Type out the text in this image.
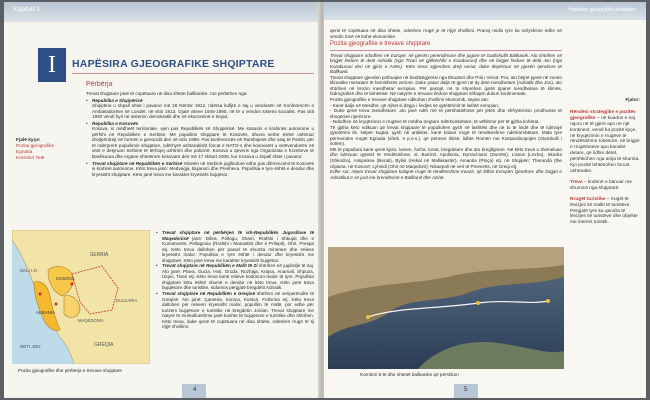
Kapitulli 1
I	HAPËSIRA GJEOGRAFIKE SHQIPTARE
Përbërja
Fjalë kyçe:
Pozita gjeografike
Egnatia
Korridori Tetë

Trevat shqiptare janë të copëtuara në disa shtete ballkanike. Ato përbëhen nga:

• Republika e Shqipërisë
Shqipëria u shpall shtet i pavarur më 28 Nëntor 1912, ndërsa kufijtë e saj u vendosën në Konferencën e Ambasadorëve në Londër, në vitin 1913. Gjatë viteve 1945-1990, në të u vendos sistemi socialist. Pas vitit 1990 vendi hyri në sistemin demokratik dhe në ekonominë e tregut.

• Republika e Kosovës
Kosova, si mëdheët territoriale, vjen pas Republikës së Shqipërisë. Me statusin e krahinës autonome u përfshi në Republikën e Serbisë. Më popullimi shqiptare të Kosovës, dhuna serbe është ushtruar drejtpërdrejt në formën e genocidit deri në vitin 1999. Pas konferencës në Rambujesë dhe asaj të Parisit, për të ndërprerë popullimin shqiptare, ndërhyrë ushtarakisht forcat e NATO-s dhe kosovarët u vetëvendosën në vitet e detyruan Serbinë të tërhiqej ushtrimi dhe policinë. Kosova u qeveris nga Organizata e Kombeve të Bashkuara dhe organe shtetërore kosovare deri më 17 shkurt 2008, kur Kosova u shpall shtet i pavarur.

• Trevat shqiptare në Republikën e Serbisë mbetën në Serbinë jugllindore edhe pas diferencimit të Kosovës si krahinë autonome. Këto treva janë: Medvegja, Bujanoci dhe Presheva. Popullsia e tyre është e dendur dhe kryesisht shqiptare. Këto janë treva me karakter kryesisht bujqësor.

SERBIA
KOSOVA
ALBANIA
GREQIA
DETI JON
MAQEDONIA
MALI I ZI
BULGARIA
Pozita gjeografike dhe përbërja e trevave shqiptare

• Trevat shqiptare në përbërjen të ish-Republikës Jugosllave të Maqedonisë janë: Dibra, Pollogu, Sharri, Rrafshi i Shkupit dhe e Kumanovës, Pellagonia (Rrafshi i Manastirit dhe e Prilepit), Ohri, Prespa etj. Këto treva dallohen për pasuri të shumta minerare dhe relieve kryesisht malor. Popullsia e tyre është i dendur dhe kryesisht me shqiptarë. Këto janë treva me karakter kryesisht bujqësor.

• Trevat shqiptare në Republikën e Malit të Zi shtrihen në juglindje të saj. Ato janë: Plava, Gucia, Hoti, Gruda, Rozhaja, Krajsa, Anamali, Shpuza, Ulqini, Tivari etj. Këto treva kanë relieve kodrinoro-malor të tyre. Popullsia shqiptare këtu është shumë e dendur në këto treva. Këto janë treva bujqësore dhe turistike, sidomos përgjatë bregdetit Adriatik.

• Trevat shqiptare në Republikën e Greqisë shtrihen në veriperëndim të Greqisë. Ato janë: Çamëria, Konica, Kosturi, Follorina etj. Këto treva dallohen për relievin kryesisht malor, popullim të rrallë, por edhe për turizëm bujqësore e turistike në bregdetin Jonian. Trevat shqiptare me natyrë të mrekullueshme janë kushte të bujqësore e turistike dhe shtrihen. Këto treva, duke qenë të copëtuara në disa shtete, ndeshen rrugë të tij rrjijë zhvillimi.

4
Hapësira gjeografike shqiptare

qenë të copëtuara në disa shtete, ndeshen rrugë je të rrjijë zhvillimi. Pranoj midis tyre ka ndryshime edhe në vendin tonë në kohë ekonomike.

Pozita gjeografike e trevave shqiptare

Trevat shqiptare ndodhen në Europë, në pjesën perëndimore dhe jugore të Gadishullit Ballkanik. Ato shtrihen në brigjet lindore të detit Adriatik (nga Tivari në gjithëshihi e Karaburuni) dhe në brigjet lindore të detit Jon (nga Karaburuni deri në gjirin e Artës). Këto treva zgjerohen drejt veriut, duke depërtuar në pjesën qendrore të Ballkanit.

Trevat shqiptare gjenden pothuajse në bashkëgjerësi nga Ekuatori dhe Poli i Veriut. Pra, ato bëjnë pjesë në zonën klimatike mesatare të hemisferës veriore. Duke pasur dalje të gjerë në dy dete mesdhetare (Adriatik dhe Jon), ato shtrihen në brezin mesdhetar evropian. Për pasojë, në to shprehen qartë tiparet mesdhetare të klimës, hidrografisë dhe të bimësisë. Në natyrën e trevave lindore shqiptare shfaqen dukuri kontinentale.

Pozita gjeografike e trevave shqiptare ndikohen zhvillimi ekonomik, sepse ato:

- Kanë dalje në Mesdhe, që rrjhet si dëgjo i lindjes së qytetërimit të lashtë evropian;

- Duke qenë treva mesdhetare, ato janë ndër më të përshtatshmet për jetën dhe shfrytëzimin prodhuese të shoqërisë njerëzore;

- Ndodhen në kryqëzimin e rrugëve të mëdha tregtare ndërkombëtare, të vëfshme për të gjitha kohërat.

Të gjitha këto ndikuan që trevat shqiptare të popullohen qysh në lashtësi dhe në to të lindë dhe të lulëzojë qytetërimi ilir. Nëpër kugtat, qysh në antikitet, kanë kaluar rrugë të rëndësishme ndërkombëtare. Mida tyre përmenden rrugët Egnatia (shek. II p.e.s.), që përmes Ilirisë, lidhte Romën me Kostandinopojën (Stambolli i sotëm).

Më të popullara kanë qenë kjoto, lumen, fusha, tonat, bregdetare dhe ato bregllgnore. Në këto treva u themeluan dhe lulëzuan qytetet të rëndësishme, si: Butrinti, Apollonia, Dyrrachiumi (Durrësi), Lissus (Lezha), Skodra (Shkodra), Antipatrea (Berati), Bylisi (Hekal në Mallakastër), Amantia (Ploça) etj. në Shqipëri; Therandà (the Ulpiana, në Kosovë; Lyhnidi (Ohri në Maqedoni); Nikaepoli në veri të Prevezës, në Greqi etj.

Edhe sot, nëper trevat shqiptare kalojnë rrugë të rëndësishme tranzit, që lidhin Evropën Qendrore dhe brigjet e Adriatikut e së jurit me brendësinë e Ballkanit dhe Azinë.

Korridori 8-të dhe shtetet ballkanike që përshkon
Fjalor:

Rëndësi strategjike e pozitës gjeografike – në kuadrin e saj rajoni në të gjerë apo në një kontinent, vendi ka pozitë kyçe, në kryqëzimin e rrugëve të rëndësishme tokësore, në brigjet e rrugëtimeve apo kanalet detare, që lidhin detet, përshkohen nga anija të shumta. Kjo pozitë lehtësohen forcat ushtarake.

Treva – krahinë e banuar me shumicë nga shqiptarë.

Rrugët turistike – rrugët të lëvizjes së mallit të turistëve. Përgjatë tyre ka qendra të lëvizjes së turistëve dhe objekte me interes turistik.

5
